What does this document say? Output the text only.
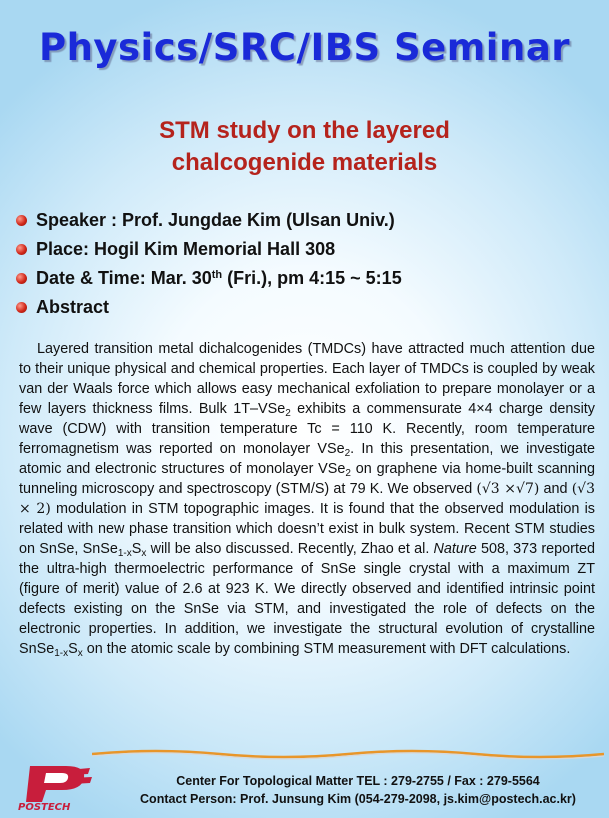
Physics/SRC/IBS Seminar
STM study on the layered
chalcogenide materials
Speaker : Prof. Jungdae Kim (Ulsan Univ.)
Place: Hogil Kim Memorial Hall 308
Date & Time: Mar. 30th (Fri.), pm 4:15 ~ 5:15
Abstract

Layered transition metal dichalcogenides (TMDCs) have attracted much attention due to their unique physical and chemical properties. Each layer of TMDCs is coupled by weak van der Waals force which allows easy mechanical exfoliation to prepare monolayer or a few layers thickness films. Bulk 1T–VSe$_2$ exhibits a commensurate 4×4 charge density wave (CDW) with transition temperature Tc = 110 K. Recently, room temperature ferromagnetism was reported on monolayer VSe$_2$. In this presentation, we investigate atomic and electronic structures of monolayer VSe$_2$ on graphene via home-built scanning tunneling microscopy and spectroscopy (STM/S) at 79 K. We observed (√3 ×√7) and (√3 × 2) modulation in STM topographic images. It is found that the observed modulation is related with new phase transition which doesn’t exist in bulk system. Recent STM studies on SnSe, $SnSe_{1-x}S_x$ will be also discussed. Recently, Zhao et al. Nature 508, 373 reported the ultra-high thermoelectric performance of SnSe single crystal with a maximum ZT (figure of merit) value of 2.6 at 923 K. We directly observed and identified intrinsic point defects existing on the SnSe via STM, and investigated the role of defects on the electronic properties. In addition, we investigate the structural evolution of crystalline $SnSe_{1-x}S_x$ on the atomic scale by combining STM measurement with DFT calculations.

POSTECH
Center For Topological Matter TEL : 279-2755 / Fax : 279-5564
Contact Person: Prof. Junsung Kim (054-279-2098, js.kim@postech.ac.kr)
